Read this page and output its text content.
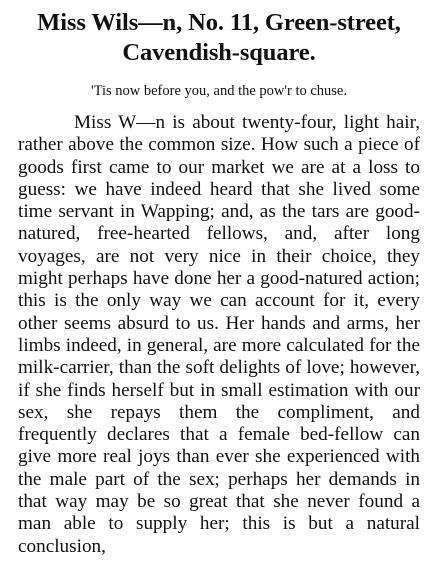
Miss Wils—n, No. 11, Green-street, Cavendish-square.

'Tis now before you, and the pow'r to chuse.

Miss W—n is about twenty-four, light hair, rather above the common size. How such a piece of goods first came to our market we are at a loss to guess: we have indeed heard that she lived some time servant in Wapping; and, as the tars are good-natured, free-hearted fellows, and, after long voyages, are not very nice in their choice, they might perhaps have done her a good-natured action; this is the only way we can account for it, every other seems absurd to us. Her hands and arms, her limbs indeed, in general, are more calculated for the milk-carrier, than the soft delights of love; however, if she finds herself but in small estimation with our sex, she repays them the compliment, and frequently declares that a female bed-fellow can give more real joys than ever she experienced with the male part of the sex; perhaps her demands in that way may be so great that she never found a man able to supply her; this is but a natural conclusion,
